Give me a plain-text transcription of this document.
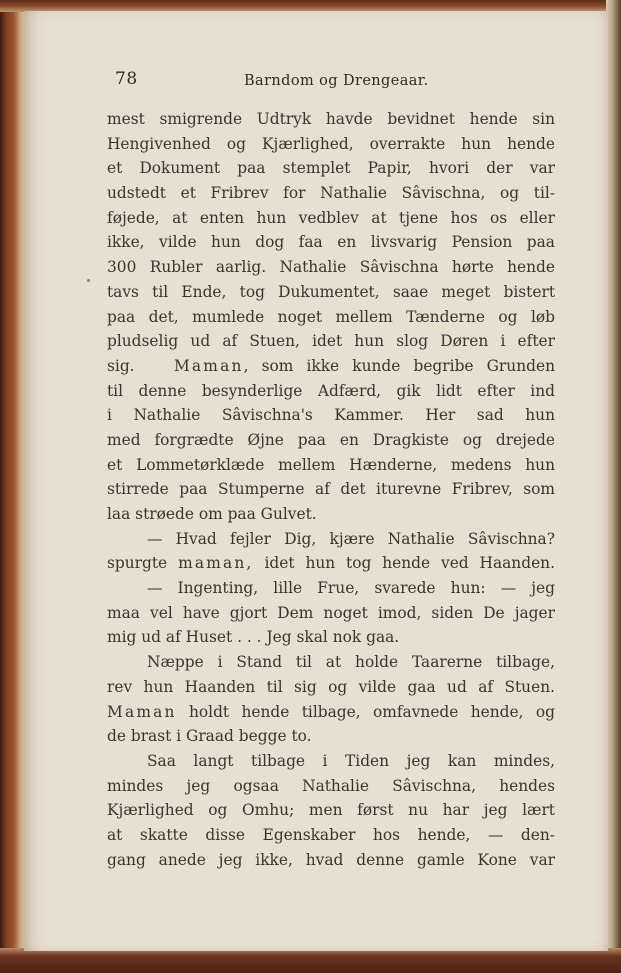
78	Barndom og Drengeaar.
mest smigrende Udtryk havde bevidnet hende sin
Hengivenhed og Kjærlighed, overrakte hun hende
et Dokument paa stemplet Papir, hvori der var
udstedt et Fribrev for Nathalie Sâvischna, og til-
føjede, at enten hun vedblev at tjene hos os eller
ikke, vilde hun dog faa en livsvarig Pension paa
300 Rubler aarlig. Nathalie Sâvischna hørte hende
tavs til Ende, tog Dukumentet, saae meget bistert
paa det, mumlede noget mellem Tænderne og løb
pludselig ud af Stuen, idet hun slog Døren i efter
sig.	Maman, som ikke kunde begribe Grunden
til denne besynderlige Adfærd, gik lidt efter ind
i Nathalie Sâvischna's Kammer. Her sad hun
med forgrædte Øjne paa en Dragkiste og drejede
et Lommetørklæde mellem Hænderne, medens hun
stirrede paa Stumperne af det iturevne Fribrev, som
laa strøede om paa Gulvet.
— Hvad fejler Dig, kjære Nathalie Sâvischna?
spurgte maman, idet hun tog hende ved Haanden.
— Ingenting, lille Frue, svarede hun: — jeg
maa vel have gjort Dem noget imod, siden De jager
mig ud af Huset . . . Jeg skal nok gaa.
Næppe i Stand til at holde Taarerne tilbage,
rev hun Haanden til sig og vilde gaa ud af Stuen.
Maman holdt hende tilbage, omfavnede hende, og
de brast i Graad begge to.
Saa langt tilbage i Tiden jeg kan mindes,
mindes jeg ogsaa Nathalie Sâvischna, hendes
Kjærlighed og Omhu; men først nu har jeg lært
at skatte disse Egenskaber hos hende, — den-
gang anede jeg ikke, hvad denne gamle Kone var
